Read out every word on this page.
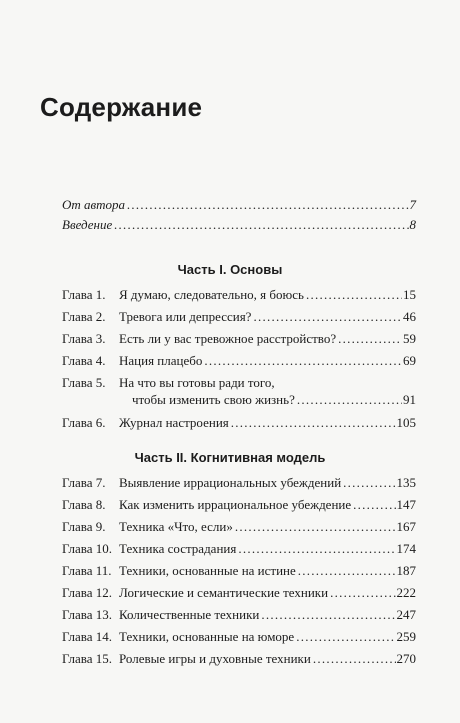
Содержание
От автора . . .	7
Введение . . .	8
Часть I. Основы
Глава 1.	Я думаю, следовательно, я боюсь . . .	15
Глава 2.	Тревога или депрессия? . . .	46
Глава 3.	Есть ли у вас тревожное расстройство? . . .	59
Глава 4.	Нация плацебо . . .	69
Глава 5.	На что вы готовы ради того,
чтобы изменить свою жизнь? . . .	91
Глава 6.	Журнал настроения . . .	105
Часть II. Когнитивная модель
Глава 7.	Выявление иррациональных убеждений . . .	135
Глава 8.	Как изменить иррациональное убеждение . . .	147
Глава 9.	Техника «Что, если» . . .	167
Глава 10. Техника сострадания . . .	174
Глава 11. Техники, основанные на истине . . .	187
Глава 12. Логические и семантические техники . . .	222
Глава 13. Количественные техники . . .	247
Глава 14. Техники, основанные на юморе . . .	259
Глава 15. Ролевые игры и духовные техники . . .	270
